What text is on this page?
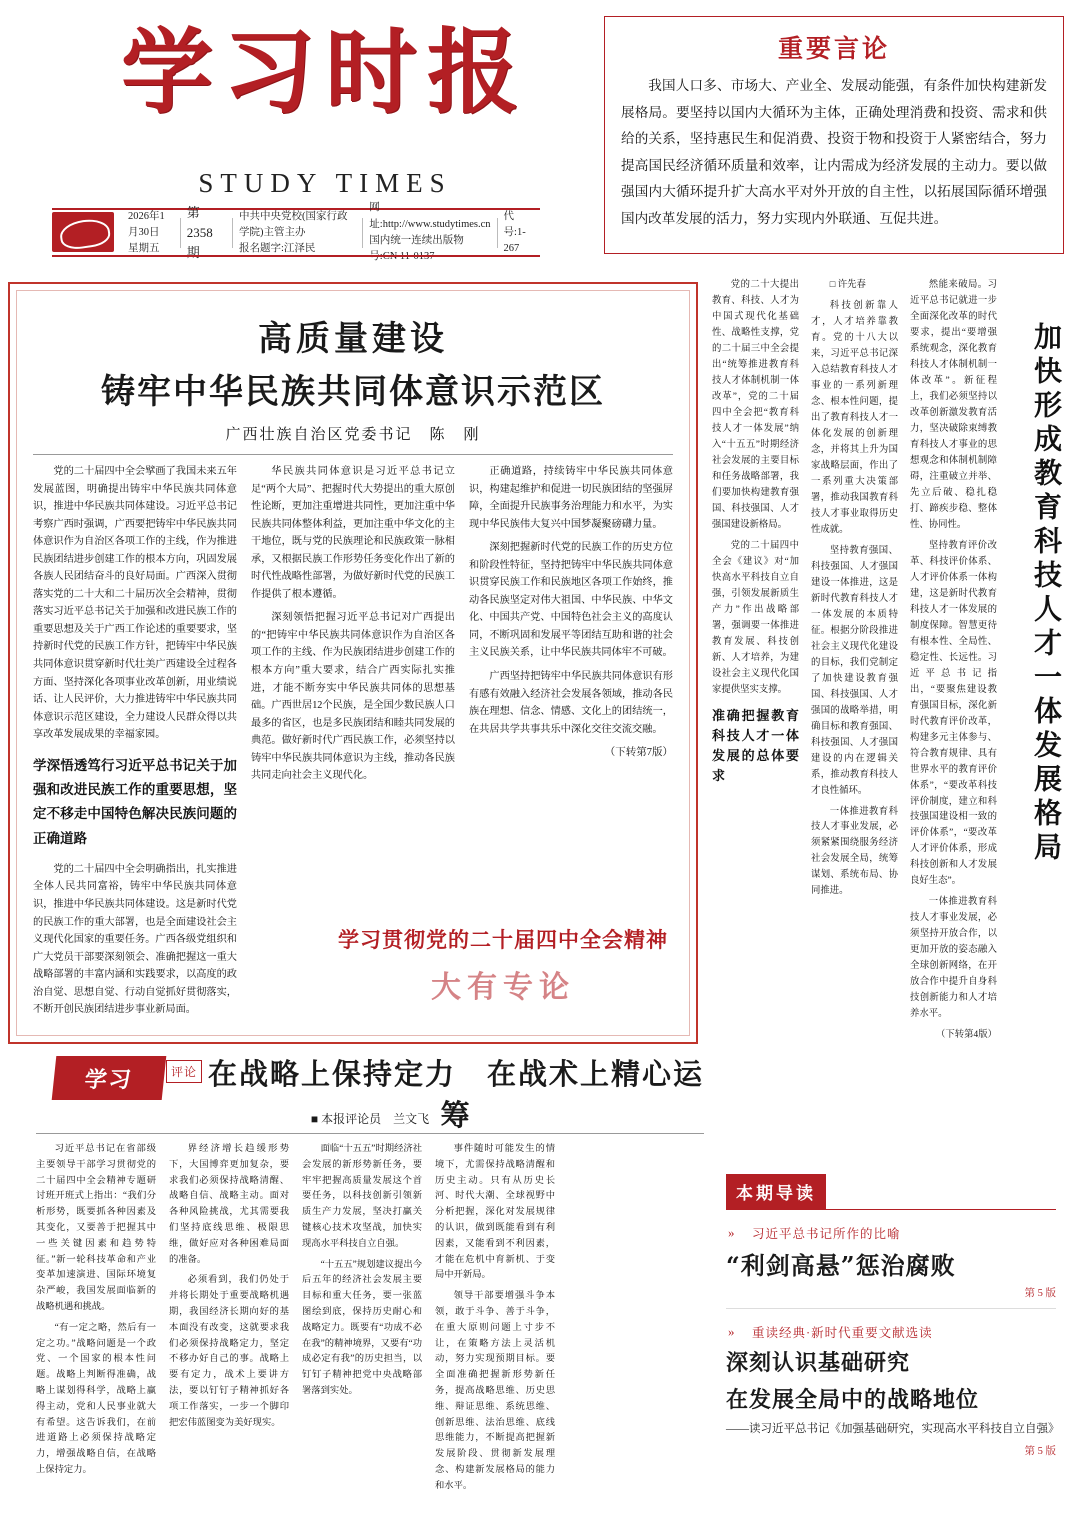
学习时报
STUDY TIMES
2026年1月30日
星期五
第 2358 期
中共中央党校(国家行政学院)主管主办
报名题字:江泽民
网址:http://www.studytimes.cn
国内统一连续出版物号:CN 11-0137
代号:1-267
重要言论

我国人口多、市场大、产业全、发展动能强，有条件加快构建新发展格局。要坚持以国内大循环为主体，正确处理消费和投资、需求和供给的关系，坚持惠民生和促消费、投资于物和投资于人紧密结合，努力提高国民经济循环质量和效率，让内需成为经济发展的主动力。要以做强国内大循环提升扩大高水平对外开放的自主性，以拓展国际循环增强国内改革发展的活力，努力实现内外联通、互促共进。

高质量建设
铸牢中华民族共同体意识示范区
广西壮族自治区党委书记　陈　刚

党的二十届四中全会擘画了我国未来五年发展蓝图，明确提出铸牢中华民族共同体意识，推进中华民族共同体建设。习近平总书记考察广西时强调，广西要把铸牢中华民族共同体意识作为自治区各项工作的主线，作为推进民族团结进步创建工作的根本方向，巩固发展各族人民团结奋斗的良好局面。广西深入贯彻落实党的二十大和二十届历次全会精神，贯彻落实习近平总书记关于加强和改进民族工作的重要思想及关于广西工作论述的重要要求，坚持新时代党的民族工作方针，把铸牢中华民族共同体意识贯穿新时代壮美广西建设全过程各方面、坚持深化各项事业改革创新，用业绩说话、让人民评价，大力推进铸牢中华民族共同体意识示范区建设，全力建设人民群众得以共享改革发展成果的幸福家园。

学深悟透笃行习近平总书记关于加强和改进民族工作的重要思想，坚定不移走中国特色解决民族问题的正确道路

党的二十届四中全会明确指出，扎实推进全体人民共同富裕，铸牢中华民族共同体意识，推进中华民族共同体建设。这是新时代党的民族工作的重大部署，也是全面建设社会主义现代化国家的重要任务。广西各级党组织和广大党员干部要深刻领会、准确把握这一重大战略部署的丰富内涵和实践要求，以高度的政治自觉、思想自觉、行动自觉抓好贯彻落实，不断开创民族团结进步事业新局面。

华民族共同体意识是习近平总书记立足“两个大局”、把握时代大势提出的重大原创性论断，更加注重增进共同性，更加注重中华民族共同体整体利益，更加注重中华文化的主干地位，既与党的民族理论和民族政策一脉相承，又根据民族工作形势任务变化作出了新的时代性战略性部署，为做好新时代党的民族工作提供了根本遵循。

深刻领悟把握习近平总书记对广西提出的“把铸牢中华民族共同体意识作为自治区各项工作的主线、作为民族团结进步创建工作的根本方向”重大要求，结合广西实际扎实推进，才能不断夯实中华民族共同体的思想基础。广西世居12个民族，是全国少数民族人口最多的省区，也是多民族团结和睦共同发展的典范。做好新时代广西民族工作，必须坚持以铸牢中华民族共同体意识为主线，推动各民族共同走向社会主义现代化。

正确道路，持续铸牢中华民族共同体意识，构建起维护和促进一切民族团结的坚强屏障，全面提升民族事务治理能力和水平，为实现中华民族伟大复兴中国梦凝聚磅礴力量。

深刻把握新时代党的民族工作的历史方位和阶段性特征，坚持把铸牢中华民族共同体意识贯穿民族工作和民族地区各项工作始终，推动各民族坚定对伟大祖国、中华民族、中华文化、中国共产党、中国特色社会主义的高度认同，不断巩固和发展平等团结互助和谐的社会主义民族关系，让中华民族共同体牢不可破。

广西坚持把铸牢中华民族共同体意识有形有感有效融入经济社会发展各领域，推动各民族在理想、信念、情感、文化上的团结统一，在共居共学共事共乐中深化交往交流交融。

（下转第7版）
学习贯彻党的二十届四中全会精神
大有专论
加快形成教育科技人才一体发展格局

党的二十大提出教育、科技、人才为中国式现代化基础性、战略性支撑，党的二十届三中全会提出“统筹推进教育科技人才体制机制一体改革”，党的二十届四中全会把“教育科技人才一体发展”纳入“十五五”时期经济社会发展的主要目标和任务战略部署，我们要加快构建教育强国、科技强国、人才强国建设新格局。

党的二十届四中全会《建议》对“加快高水平科技自立自强，引领发展新质生产力”作出战略部署，强调要一体推进教育发展、科技创新、人才培养，为建设社会主义现代化国家提供坚实支撑。

准确把握教育科技人才一体发展的总体要求

□ 许先春

科技创新靠人才，人才培养靠教育。党的十八大以来，习近平总书记深入总结教育科技人才事业的一系列新理念、根本性问题，提出了教育科技人才一体化发展的创新理念，并将其上升为国家战略层面，作出了一系列重大决策部署，推动我国教育科技人才事业取得历史性成就。

坚持教育强国、科技强国、人才强国建设一体推进，这是新时代教育科技人才一体发展的本质特征。根据分阶段推进社会主义现代化建设的目标，我们党制定了加快建设教育强国、科技强国、人才强国的战略举措，明确目标和教育强国、科技强国、人才强国建设的内在逻辑关系，推动教育科技人才良性循环。

一体推进教育科技人才事业发展，必须紧紧围绕服务经济社会发展全局，统筹谋划、系统布局、协同推进。

然能来破局。习近平总书记就进一步全面深化改革的时代要求，提出“要增强系统观念，深化教育科技人才体制机制一体改革”。新征程上，我们必须坚持以改革创新激发教育活力，坚决破除束缚教育科技人才事业的思想观念和体制机制障碍，注重破立并举、先立后破、稳扎稳打、蹄疾步稳、整体性、协同性。

坚持教育评价改革、科技评价体系、人才评价体系一体构建，这是新时代教育科技人才一体发展的制度保障。智慧更待有根本性、全局性、稳定性、长远性。习近平总书记指出，“要聚焦建设教育强国目标，深化新时代教育评价改革，构建多元主体参与、符合教育规律、具有世界水平的教育评价体系”，“要改革科技评价制度，建立和科技强国建设相一致的评价体系”，“要改革人才评价体系，形成科技创新和人才发展良好生态”。

一体推进教育科技人才事业发展，必须坚持开放合作，以更加开放的姿态融入全球创新网络，在开放合作中提升自身科技创新能力和人才培养水平。

（下转第4版）
学习	评论 在战略上保持定力　在战术上精心运筹
■ 本报评论员　兰文飞

习近平总书记在省部级主要领导干部学习贯彻党的二十届四中全会精神专题研讨班开班式上指出：“我们分析形势，既要抓各种因素及其变化，又要善于把握其中一些关键因素和趋势特征。”新一轮科技革命和产业变革加速演进、国际环境复杂严峻，我国发展面临新的战略机遇和挑战。

“有一定之略，然后有一定之功。”战略问题是一个政党、一个国家的根本性问题。战略上判断得准确，战略上谋划得科学，战略上赢得主动，党和人民事业就大有希望。这告诉我们，在前进道路上必须保持战略定力，增强战略自信，在战略上保持定力。

界经济增长趋缓形势下，大国博弈更加复杂，要求我们必须保持战略清醒、战略自信、战略主动。面对各种风险挑战，尤其需要我们坚持底线思维、极限思维，做好应对各种困难局面的准备。

必须看到，我们仍处于并将长期处于重要战略机遇期，我国经济长期向好的基本面没有改变，这就要求我们必须保持战略定力，坚定不移办好自己的事。战略上要有定力，战术上要讲方法，要以钉钉子精神抓好各项工作落实，一步一个脚印把宏伟蓝图变为美好现实。

面临“十五五”时期经济社会发展的新形势新任务，要牢牢把握高质量发展这个首要任务，以科技创新引领新质生产力发展，坚决打赢关键核心技术攻坚战，加快实现高水平科技自立自强。

“十五五”规划建议提出今后五年的经济社会发展主要目标和重大任务，要一张蓝图绘到底，保持历史耐心和战略定力。既要有“功成不必在我”的精神境界，又要有“功成必定有我”的历史担当，以钉钉子精神把党中央战略部署落到实处。

事件随时可能发生的情境下，尤需保持战略清醒和历史主动。只有从历史长河、时代大潮、全球视野中分析把握，深化对发展规律的认识，做到既能看到有利因素，又能看到不利因素，才能在危机中育新机、于变局中开新局。

领导干部要增强斗争本领，敢于斗争、善于斗争，在重大原则问题上寸步不让，在策略方法上灵活机动，努力实现预期目标。要全面准确把握新形势新任务，提高战略思维、历史思维、辩证思维、系统思维、创新思维、法治思维、底线思维能力，不断提高把握新发展阶段、贯彻新发展理念、构建新发展格局的能力和水平。

本期导读
» 习近平总书记所作的比喻
“利剑高悬”惩治腐败
第 5 版
» 重读经典·新时代重要文献选读
深刻认识基础研究
在发展全局中的战略地位
——读习近平总书记《加强基础研究，实现高水平科技自立自强》
第 5 版
